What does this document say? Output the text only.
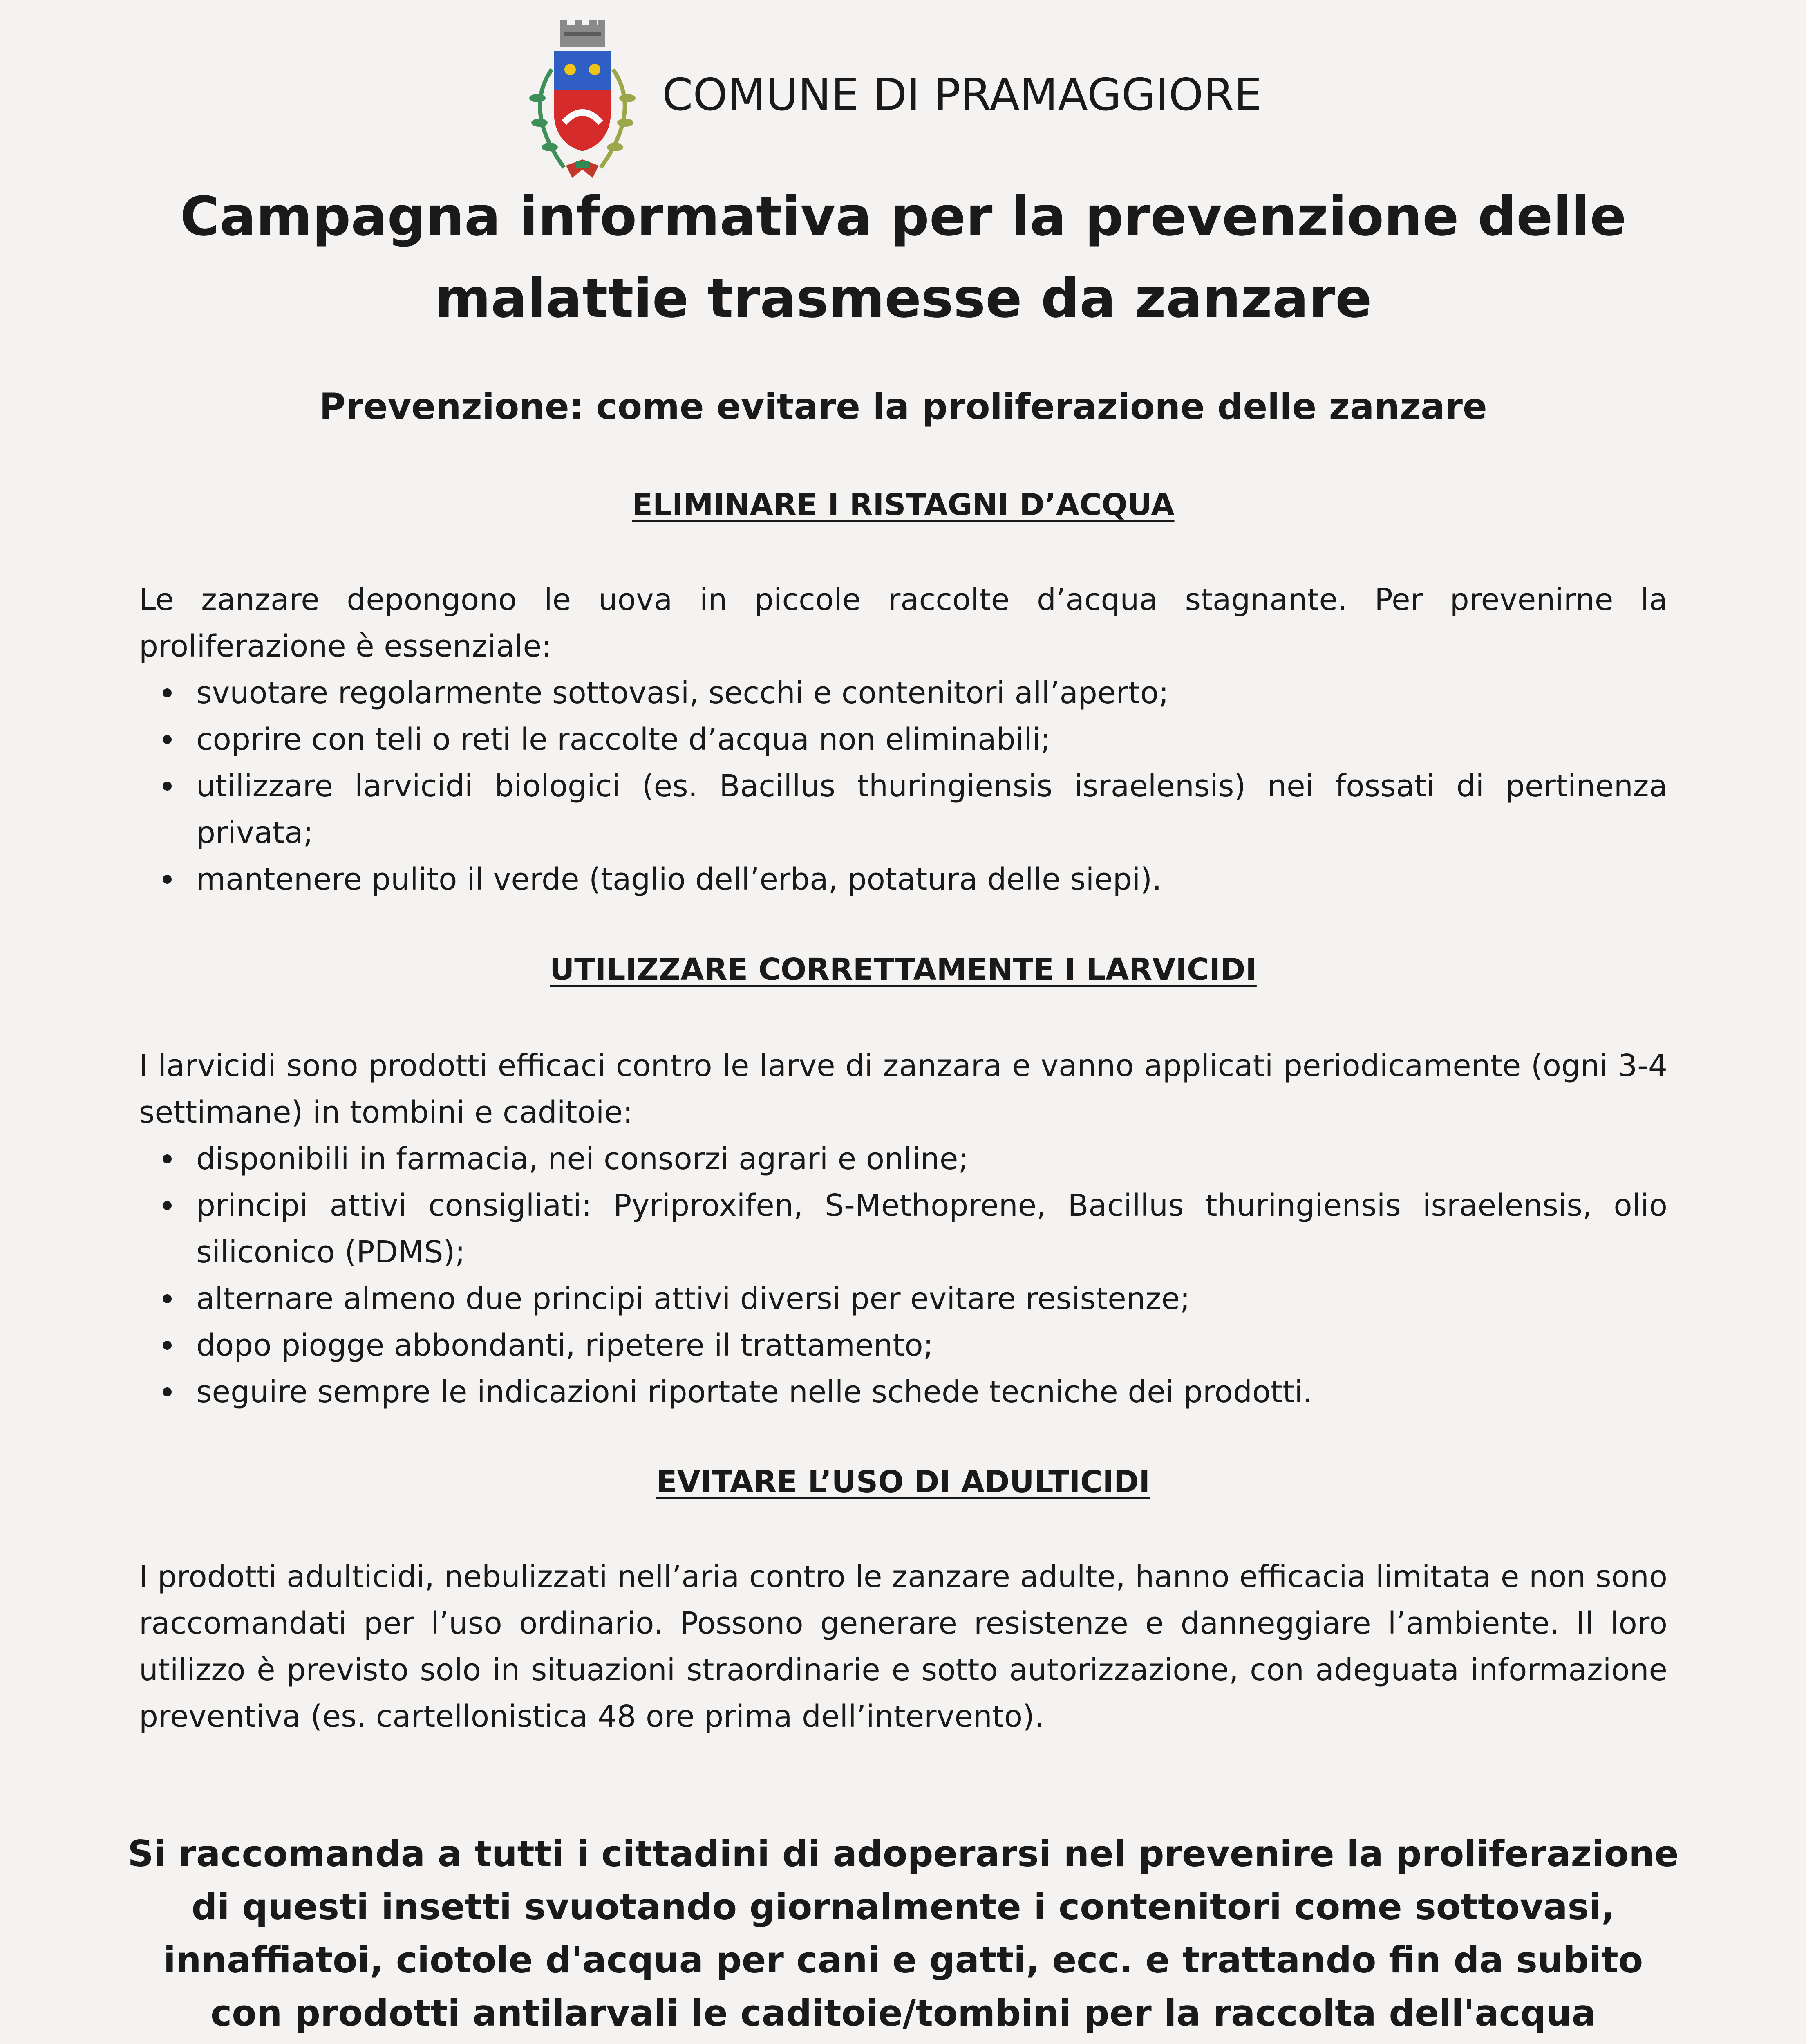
COMUNE DI PRAMAGGIORE
Campagna informativa per la prevenzione delle
malattie trasmesse da zanzare
Prevenzione: come evitare la proliferazione delle zanzare
ELIMINARE I RISTAGNI D’ACQUA
Le zanzare depongono le uova in piccole raccolte d’acqua stagnante. Per prevenirne la proliferazione è essenziale:
svuotare regolarmente sottovasi, secchi e contenitori all’aperto;
coprire con teli o reti le raccolte d’acqua non eliminabili;
utilizzare larvicidi biologici (es. Bacillus thuringiensis israelensis) nei fossati di pertinenza privata;
mantenere pulito il verde (taglio dell’erba, potatura delle siepi).
UTILIZZARE CORRETTAMENTE I LARVICIDI
I larvicidi sono prodotti efficaci contro le larve di zanzara e vanno applicati periodicamente (ogni 3-4 settimane) in tombini e caditoie:
disponibili in farmacia, nei consorzi agrari e online;
principi attivi consigliati: Pyriproxifen, S-Methoprene, Bacillus thuringiensis israelensis, olio siliconico (PDMS);
alternare almeno due principi attivi diversi per evitare resistenze;
dopo piogge abbondanti, ripetere il trattamento;
seguire sempre le indicazioni riportate nelle schede tecniche dei prodotti.
EVITARE L’USO DI ADULTICIDI
I prodotti adulticidi, nebulizzati nell’aria contro le zanzare adulte, hanno efficacia limitata e non sono raccomandati per l’uso ordinario. Possono generare resistenze e danneggiare l’ambiente. Il loro utilizzo è previsto solo in situazioni straordinarie e sotto autorizzazione, con adeguata informazione preventiva (es. cartellonistica 48 ore prima dell’intervento).
Si raccomanda a tutti i cittadini di adoperarsi nel prevenire la proliferazione di questi insetti svuotando giornalmente i contenitori come sottovasi, innaffiatoi, ciotole d'acqua per cani e gatti, ecc. e trattando fin da subito con prodotti antilarvali le caditoie/tombini per la raccolta dell'acqua
